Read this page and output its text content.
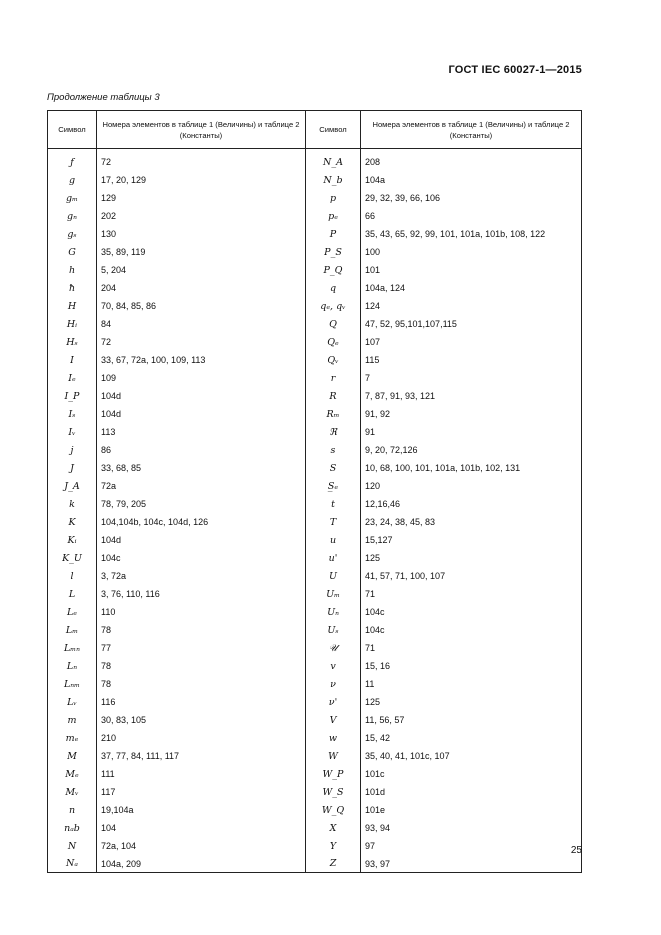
ГОСТ IEC 60027-1—2015
Продолжение таблицы 3
Символ	Номера элементов в таблице 1 (Величины) и таблице 2 (Константы)	Символ	Номера элементов в таблице 1 (Величины) и таблице 2 (Константы)

ƒ	72	N_A	208
g	17, 20, 129	N_b	104a
gₘ	129	p	29, 32, 39, 66, 106
gₙ	202	pₑ	66
gₛ	130	P	35, 43, 65, 92, 99, 101, 101a, 101b, 108, 122
G	35, 89, 119	P_S	100
h	5, 204	P_Q	101
ħ	204	q	104a, 124
H	70, 84, 85, 86	qₑ, qᵥ	124
Hᵢ	84	Q	47, 52, 95,101,107,115
Hₛ	72	Qₑ	107
I	33, 67, 72a, 100, 109, 113	Qᵥ	115
Iₑ	109	r	7
I_P	104d	R	7, 87, 91, 93, 121
Iₛ	104d	Rₘ	91, 92
Iᵥ	113	ℜ	91
j	86	s	9, 20, 72,126
J	33, 68, 85	S	10, 68, 100, 101, 101a, 101b, 102, 131
J_A	72a	S̲ₑ	120
k	78, 79, 205	t	12,16,46
K	104,104b, 104c, 104d, 126	T	23, 24, 38, 45, 83
Kᵢ	104d	u	15,127
K_U	104c	u'	125
l	3, 72a	U	41, 57, 71, 100, 107
L	3, 76, 110, 116	Uₘ	71
Lₑ	110	Uₙ	104c
Lₘ	78	Uₛ	104c
Lₘₙ	77	𝒰	71
Lₙ	78	v	15, 16
Lₙₘ	78	ν	11
Lᵥ	116	ν'	125
m	30, 83, 105	V	11, 56, 57
mₑ	210	w	15, 42
M	37, 77, 84, 111, 117	W	35, 40, 41, 101c, 107
Mₑ	111	W_P	101c
Mᵥ	117	W_S	101d
n	19,104a	W_Q	101e
nₐb	104	X	93, 94
N	72a, 104	Y	97
Nₐ	104a, 209	Z	93, 97
25
